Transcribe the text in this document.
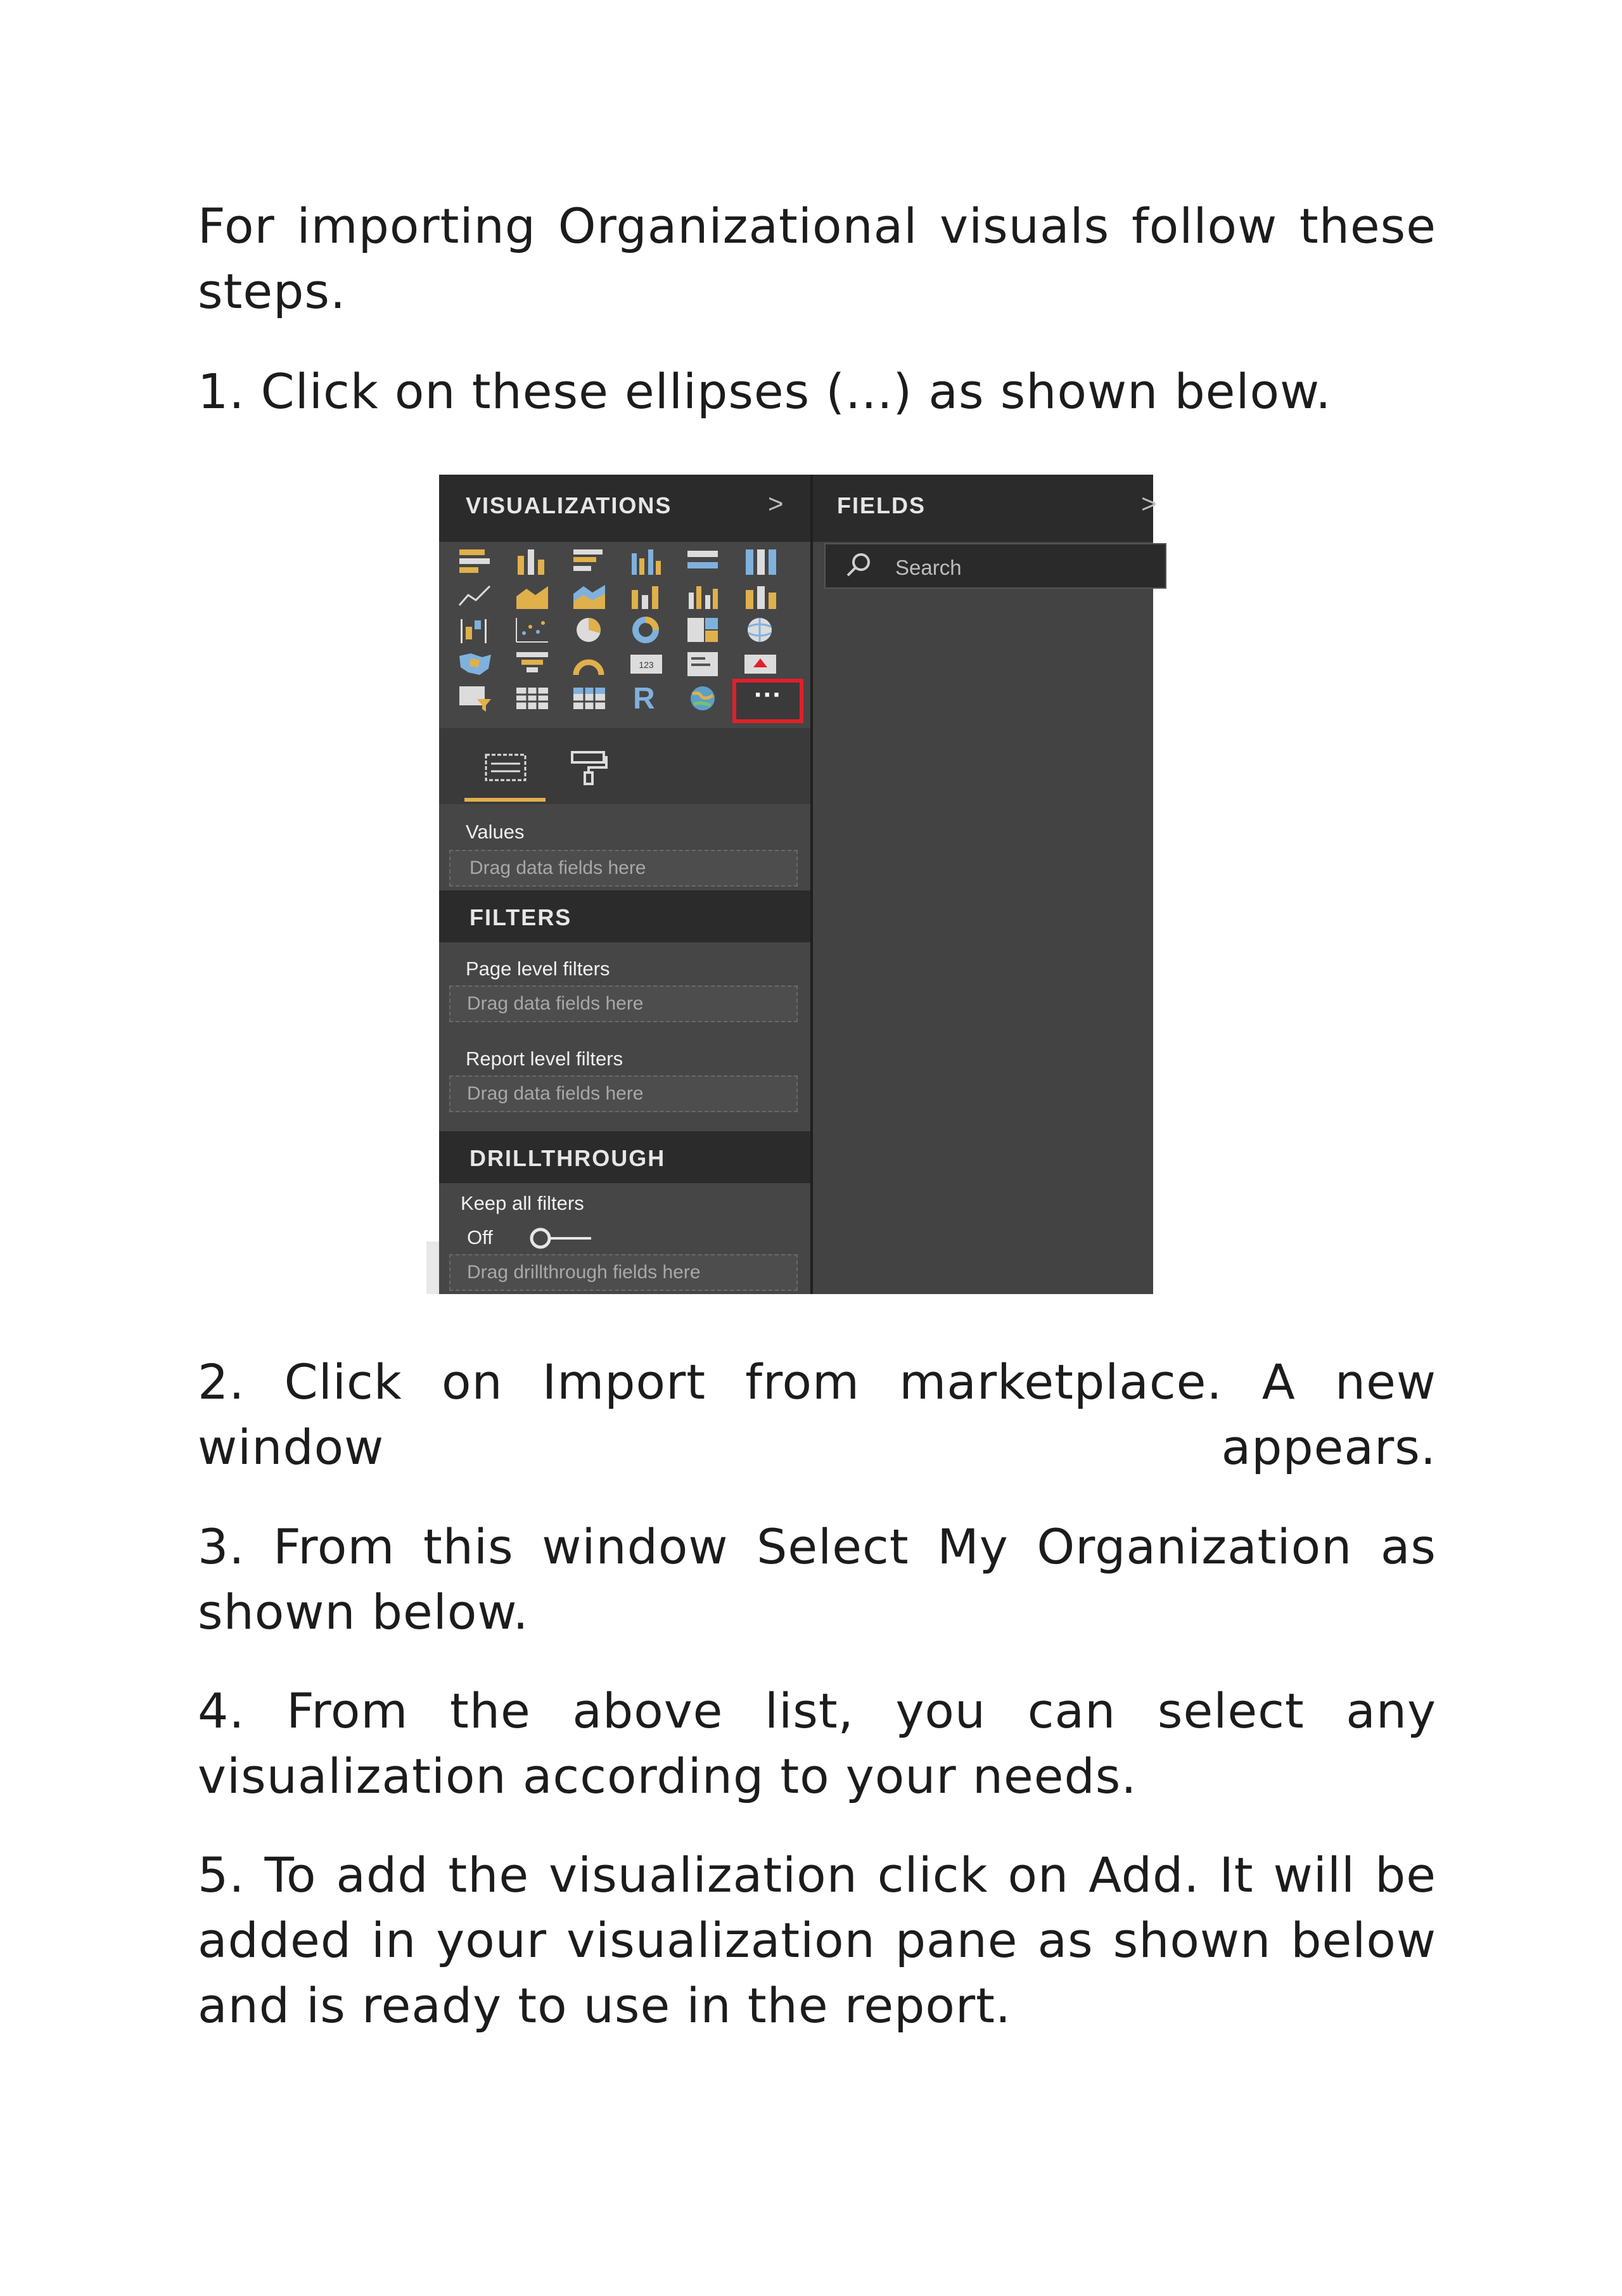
For importing Organizational visuals follow these steps.

1. Click on these ellipses (...) as shown below.

VISUALIZATIONS	>
123
R	···
Values
Drag data fields here
FILTERS
Page level filters
Drag data fields here
Report level filters
Drag data fields here
DRILLTHROUGH
Keep all filters
Off
Drag drillthrough fields here
FIELDS	>
Search

2. Click on Import from marketplace. A new window appears.

3. From this window Select My Organization as shown below.

4. From the above list, you can select any visualization according to your needs.

5. To add the visualization click on Add. It will be added in your visualization pane as shown below and is ready to use in the report.
